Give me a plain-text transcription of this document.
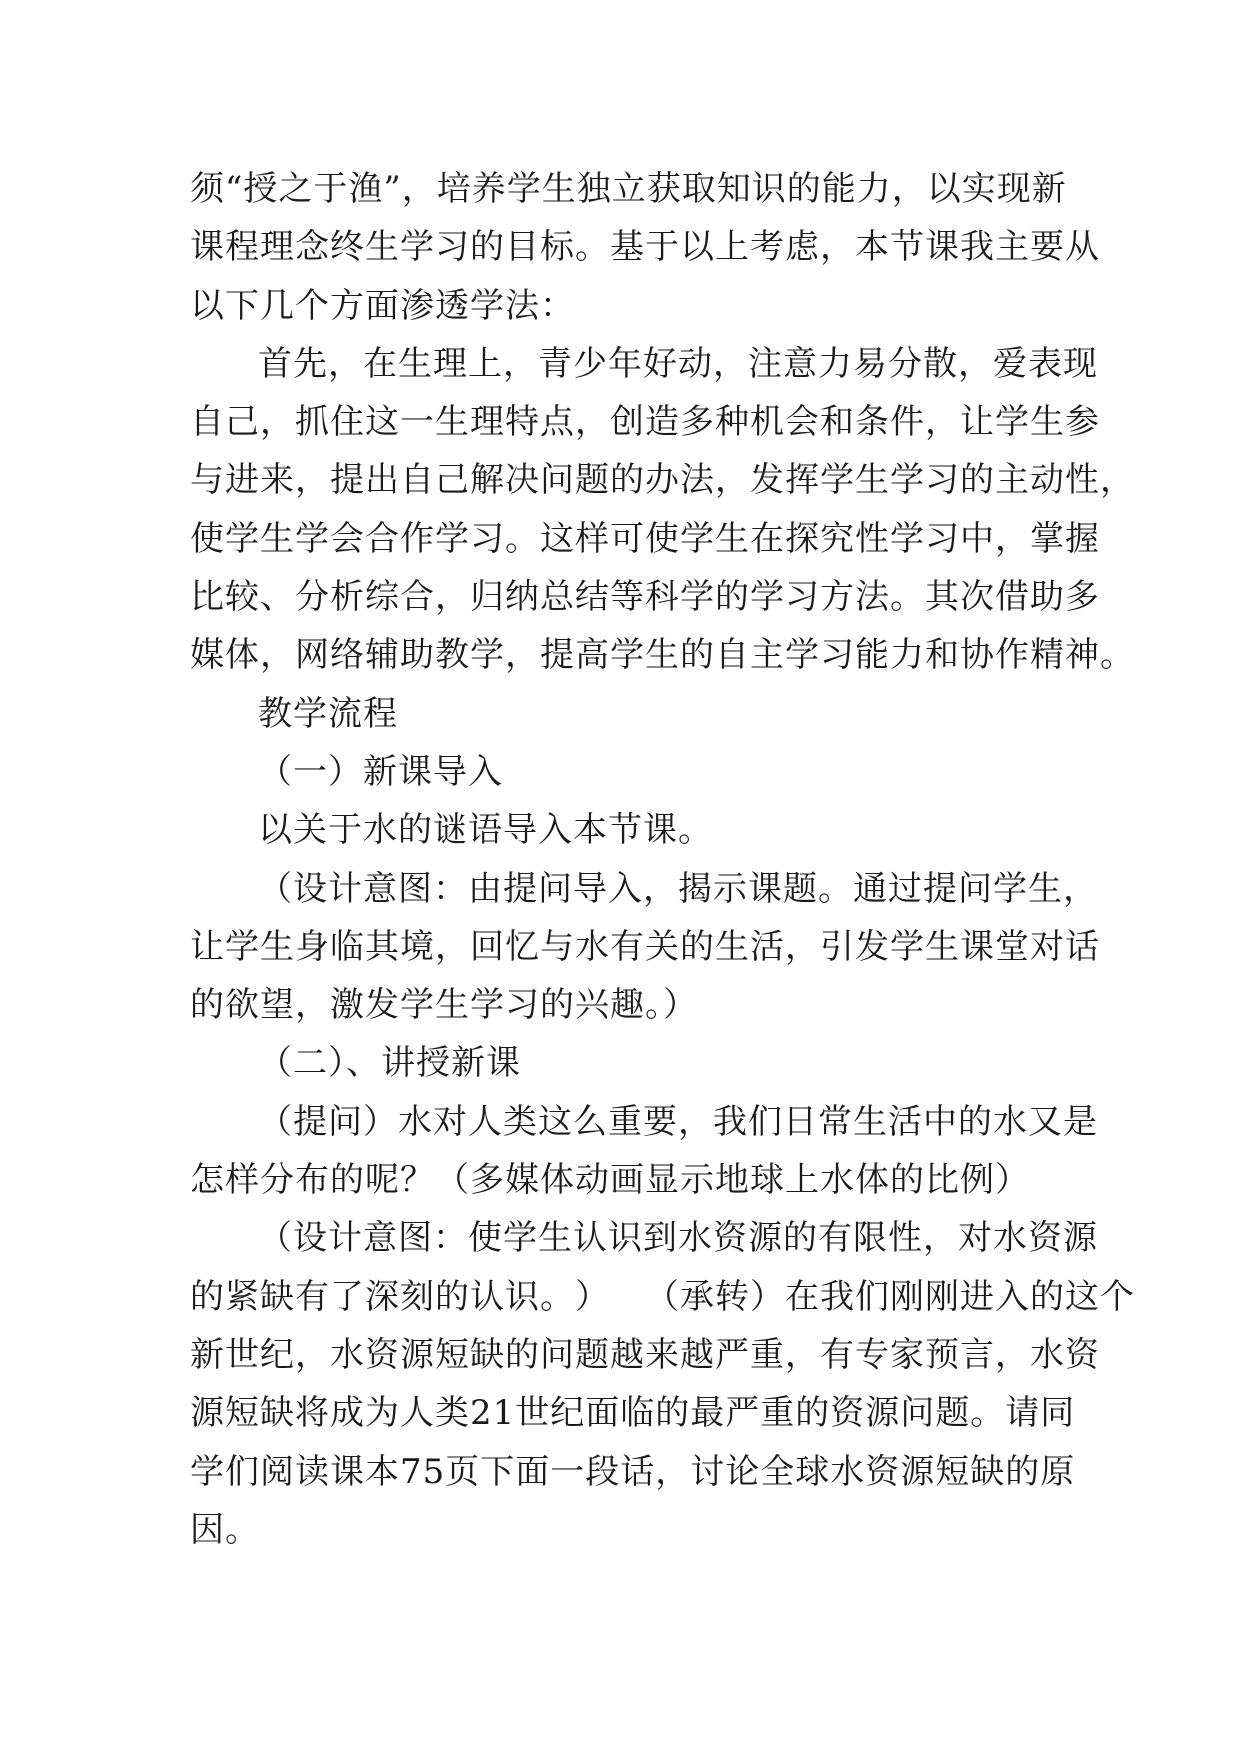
须 “ 授 之 于 渔 ” ， 培 养 学 生 独 立 获 取 知 识 的 能 力 ， 以 实 现 新
课 程 理 念 终 生 学 习 的 目 标 。 基 于 以 上 考 虑 ， 本 节 课 我 主 要 从
以下几个方面渗透学法：
首 先 ， 在 生 理 上 ， 青 少 年 好 动 ， 注 意 力 易 分 散 ， 爱 表 现
自 己 ， 抓 住 这 一 生 理 特 点 ， 创 造 多 种 机 会 和 条 件 ， 让 学 生 参
与 进 来 ， 提 出 自 己 解 决 问 题 的 办 法 ， 发 挥 学 生 学 习 的 主 动 性 ，
使 学 生 学 会 合 作 学 习 。 这 样 可 使 学 生 在 探 究 性 学 习 中 ， 掌 握
比 较 、 分 析 综 合 ， 归 纳 总 结 等 科 学 的 学 习 方 法 。 其 次 借 助 多
媒 体 ， 网 络 辅 助 教 学 ， 提 高 学 生 的 自 主 学 习 能 力 和 协 作 精 神 。
教学流程
（一）新课导入
以关于水的谜语导入本节课。
（ 设 计 意 图 ： 由 提 问 导 入 ， 揭 示 课 题 。 通 过 提 问 学 生 ，
让 学 生 身 临 其 境 ， 回 忆 与 水 有 关 的 生 活 ， 引 发 学 生 课 堂 对 话
的欲望，激发学生学习的兴趣。）
（二）、讲授新课
（ 提 问 ） 水 对 人 类 这 么 重 要 ， 我 们 日 常 生 活 中 的 水 又 是
怎样分布的呢？（多媒体动画显示地球上水体的比例）
（ 设 计 意 图 ： 使 学 生 认 识 到 水 资 源 的 有 限 性 ， 对 水 资 源
的 紧 缺 有 了 深 刻 的 认 识 。 ）
　 （ 承 转 ） 在 我 们 刚 刚 进 入 的 这 个
新 世 纪 ， 水 资 源 短 缺 的 问 题 越 来 越 严 重 ， 有 专 家 预 言 ， 水 资
源 短 缺 将 成 为 人 类 21 世 纪 面 临 的 最 严 重 的 资 源 问 题 。 请 同
学 们 阅 读 课 本 75 页 下 面 一 段 话 ， 讨 论 全 球 水 资 源 短 缺 的 原
因。
